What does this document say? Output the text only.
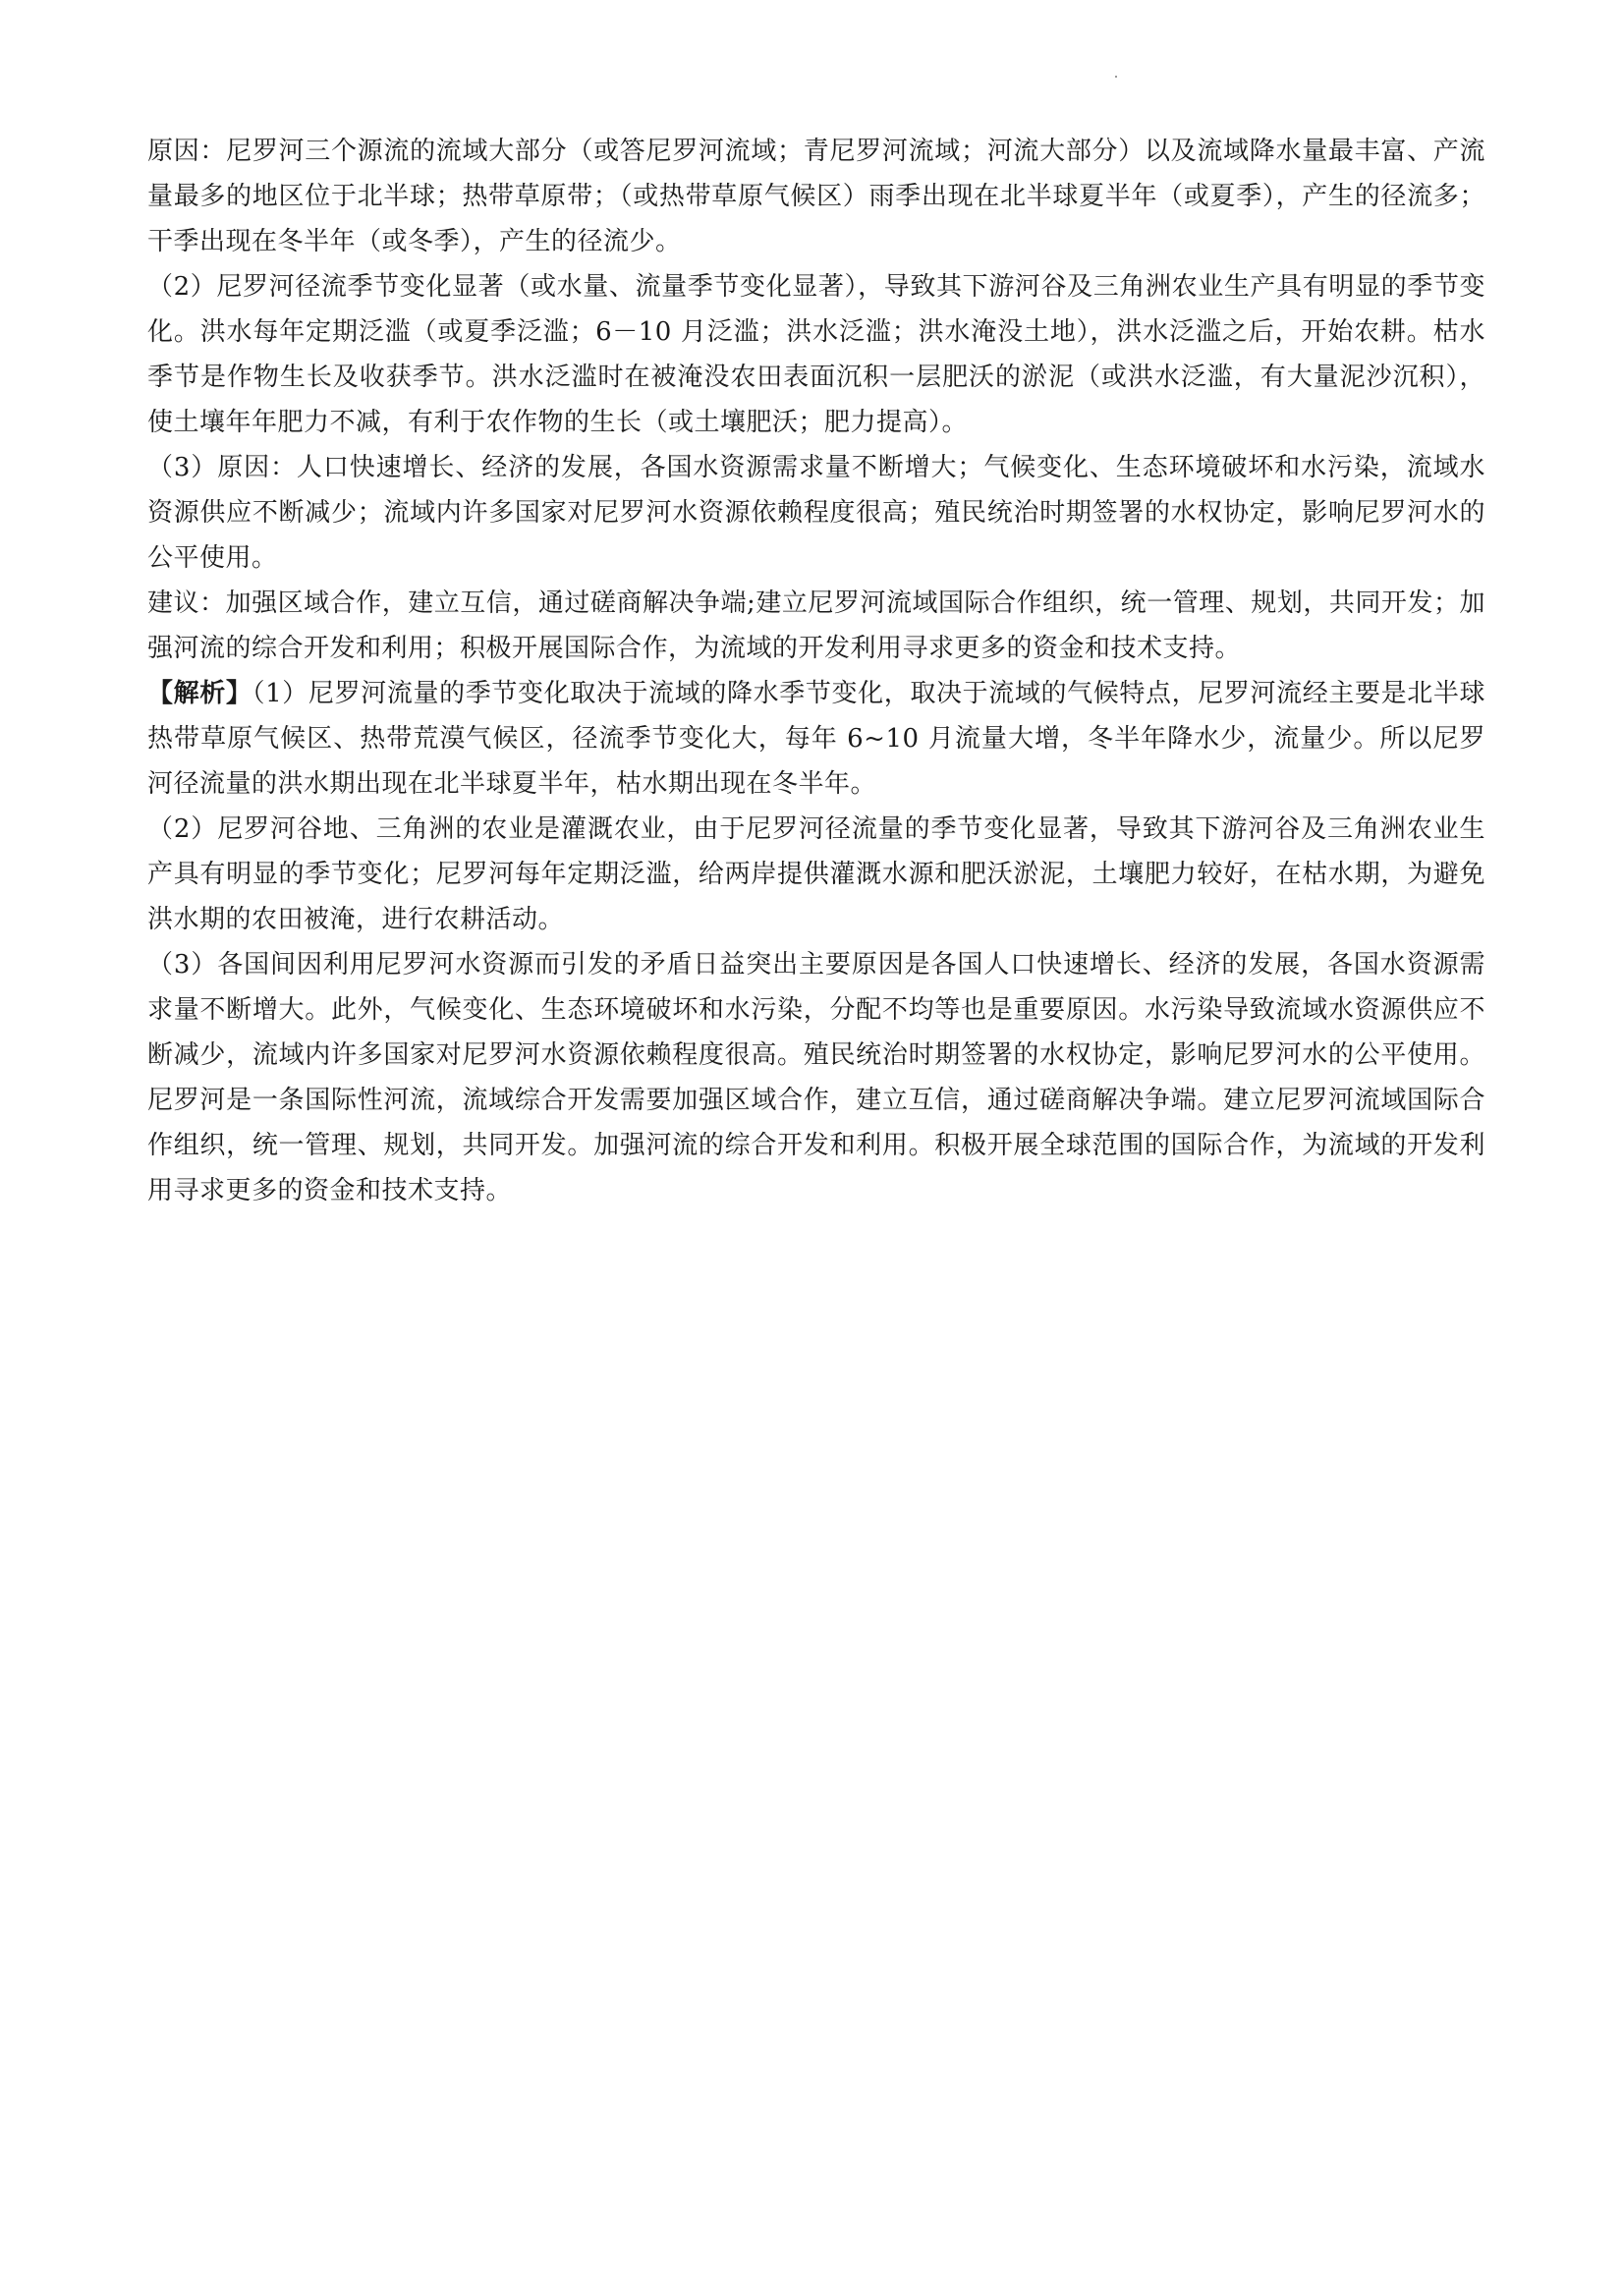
原因：尼罗河三个源流的流域大部分（或答尼罗河流域；青尼罗河流域；河流大部分）以及流域降水量最丰富、产流量最多的地区位于北半球；热带草原带；（或热带草原气候区）雨季出现在北半球夏半年（或夏季），产生的径流多；干季出现在冬半年（或冬季），产生的径流少。

（2）尼罗河径流季节变化显著（或水量、流量季节变化显著），导致其下游河谷及三角洲农业生产具有明显的季节变化。洪水每年定期泛滥（或夏季泛滥；6－10 月泛滥；洪水泛滥；洪水淹没土地），洪水泛滥之后，开始农耕。枯水季节是作物生长及收获季节。洪水泛滥时在被淹没农田表面沉积一层肥沃的淤泥（或洪水泛滥，有大量泥沙沉积），使土壤年年肥力不减，有利于农作物的生长（或土壤肥沃；肥力提高）。

（3）原因：人口快速增长、经济的发展，各国水资源需求量不断增大；气候变化、生态环境破坏和水污染，流域水资源供应不断减少；流域内许多国家对尼罗河水资源依赖程度很高；殖民统治时期签署的水权协定，影响尼罗河水的公平使用。

建议：加强区域合作，建立互信，通过磋商解决争端;建立尼罗河流域国际合作组织，统一管理、规划，共同开发；加强河流的综合开发和利用；积极开展国际合作，为流域的开发利用寻求更多的资金和技术支持。

【解析】（1）尼罗河流量的季节变化取决于流域的降水季节变化，取决于流域的气候特点，尼罗河流经主要是北半球热带草原气候区、热带荒漠气候区，径流季节变化大，每年 6~10 月流量大增，冬半年降水少，流量少。所以尼罗河径流量的洪水期出现在北半球夏半年，枯水期出现在冬半年。

（2）尼罗河谷地、三角洲的农业是灌溉农业，由于尼罗河径流量的季节变化显著，导致其下游河谷及三角洲农业生产具有明显的季节变化；尼罗河每年定期泛滥，给两岸提供灌溉水源和肥沃淤泥，土壤肥力较好，在枯水期，为避免洪水期的农田被淹，进行农耕活动。

（3）各国间因利用尼罗河水资源而引发的矛盾日益突出主要原因是各国人口快速增长、经济的发展，各国水资源需求量不断增大。此外，气候变化、生态环境破坏和水污染，分配不均等也是重要原因。水污染导致流域水资源供应不断减少，流域内许多国家对尼罗河水资源依赖程度很高。殖民统治时期签署的水权协定，影响尼罗河水的公平使用。尼罗河是一条国际性河流，流域综合开发需要加强区域合作，建立互信，通过磋商解决争端。建立尼罗河流域国际合作组织，统一管理、规划，共同开发。加强河流的综合开发和利用。积极开展全球范围的国际合作，为流域的开发利用寻求更多的资金和技术支持。
